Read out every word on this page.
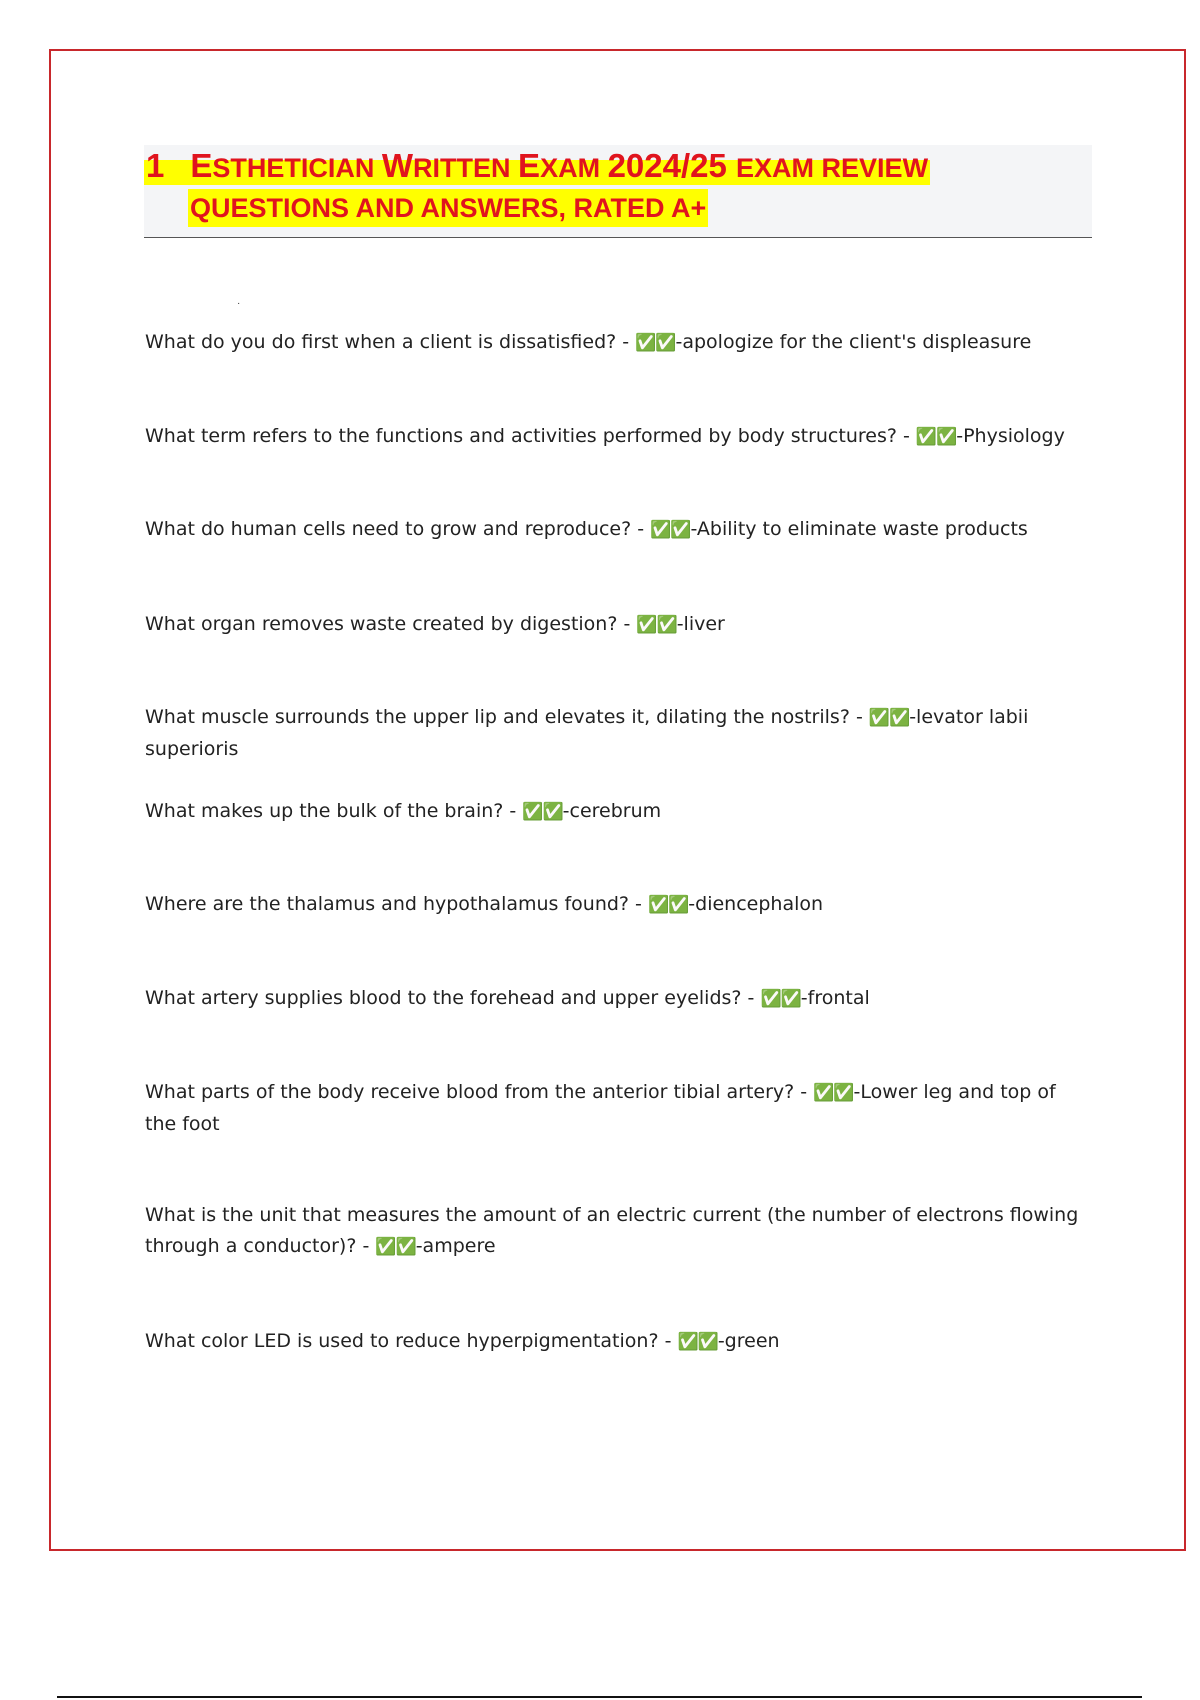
1 ESTHETICIAN WRITTEN EXAM 2024/25 EXAM REVIEW
QUESTIONS AND ANSWERS, RATED A+
·
What do you do first when a client is dissatisfied? - ✅✅-apologize for the client's displeasure
What term refers to the functions and activities performed by body structures? - ✅✅-Physiology
What do human cells need to grow and reproduce? - ✅✅-Ability to eliminate waste products
What organ removes waste created by digestion? - ✅✅-liver
What muscle surrounds the upper lip and elevates it, dilating the nostrils? - ✅✅-levator labii superioris
What makes up the bulk of the brain? - ✅✅-cerebrum
Where are the thalamus and hypothalamus found? - ✅✅-diencephalon
What artery supplies blood to the forehead and upper eyelids? - ✅✅-frontal
What parts of the body receive blood from the anterior tibial artery? - ✅✅-Lower leg and top of the foot
What is the unit that measures the amount of an electric current (the number of electrons flowing through a conductor)? - ✅✅-ampere
What color LED is used to reduce hyperpigmentation? - ✅✅-green
